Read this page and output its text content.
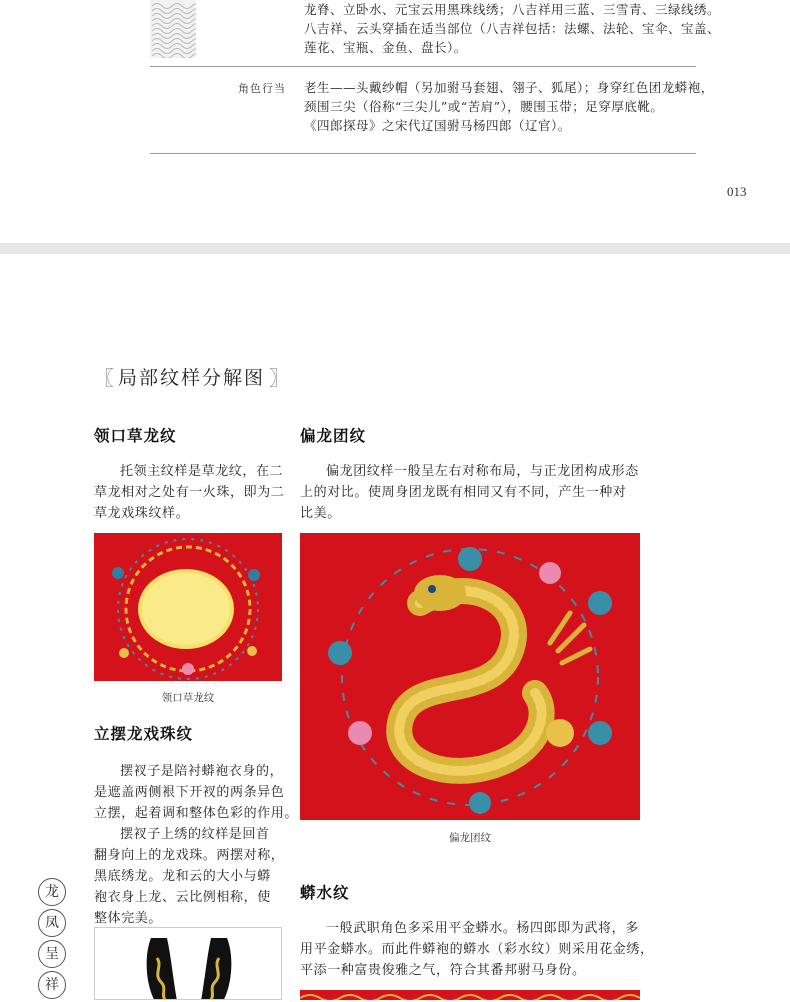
龙脊、立卧水、元宝云用黑珠线绣；八吉祥用三蓝、三雪青、三绿线绣。
八吉祥、云头穿插在适当部位（八吉祥包括：法螺、法轮、宝伞、宝盖、
莲花、宝瓶、金鱼、盘长）。
角色行当 老生——头戴纱帽（另加驸马套翅、翎子、狐尾）；身穿红色团龙蟒袍，
颈围三尖（俗称“三尖儿”或“苦肩”），腰围玉带；足穿厚底靴。
《四郎探母》之宋代辽国驸马杨四郎（辽官）。
013
〖 局部纹样分解图 〗
领口草龙纹
托领主纹样是草龙纹，在二
草龙相对之处有一火珠，即为二
草龙戏珠纹样。
领口草龙纹
偏龙团纹
偏龙团纹样一般呈左右对称布局，与正龙团构成形态
上的对比。使周身团龙既有相同又有不同，产生一种对
比美。
偏龙团纹
立摆龙戏珠纹
摆衩子是陪衬蟒袍衣身的，
是遮盖两侧裉下开衩的两条异色
立摆，起着调和整体色彩的作用。
摆衩子上绣的纹样是回首
翻身向上的龙戏珠。两摆对称，
黑底绣龙。龙和云的大小与蟒
袍衣身上龙、云比例相称，使
整体完美。
蟒水纹
一般武职角色多采用平金蟒水。杨四郎即为武将，多
用平金蟒水。而此件蟒袍的蟒水（彩水纹）则采用花金绣，
平添一种富贵俊雅之气，符合其番邦驸马身份。
龙
凤
呈
祥
